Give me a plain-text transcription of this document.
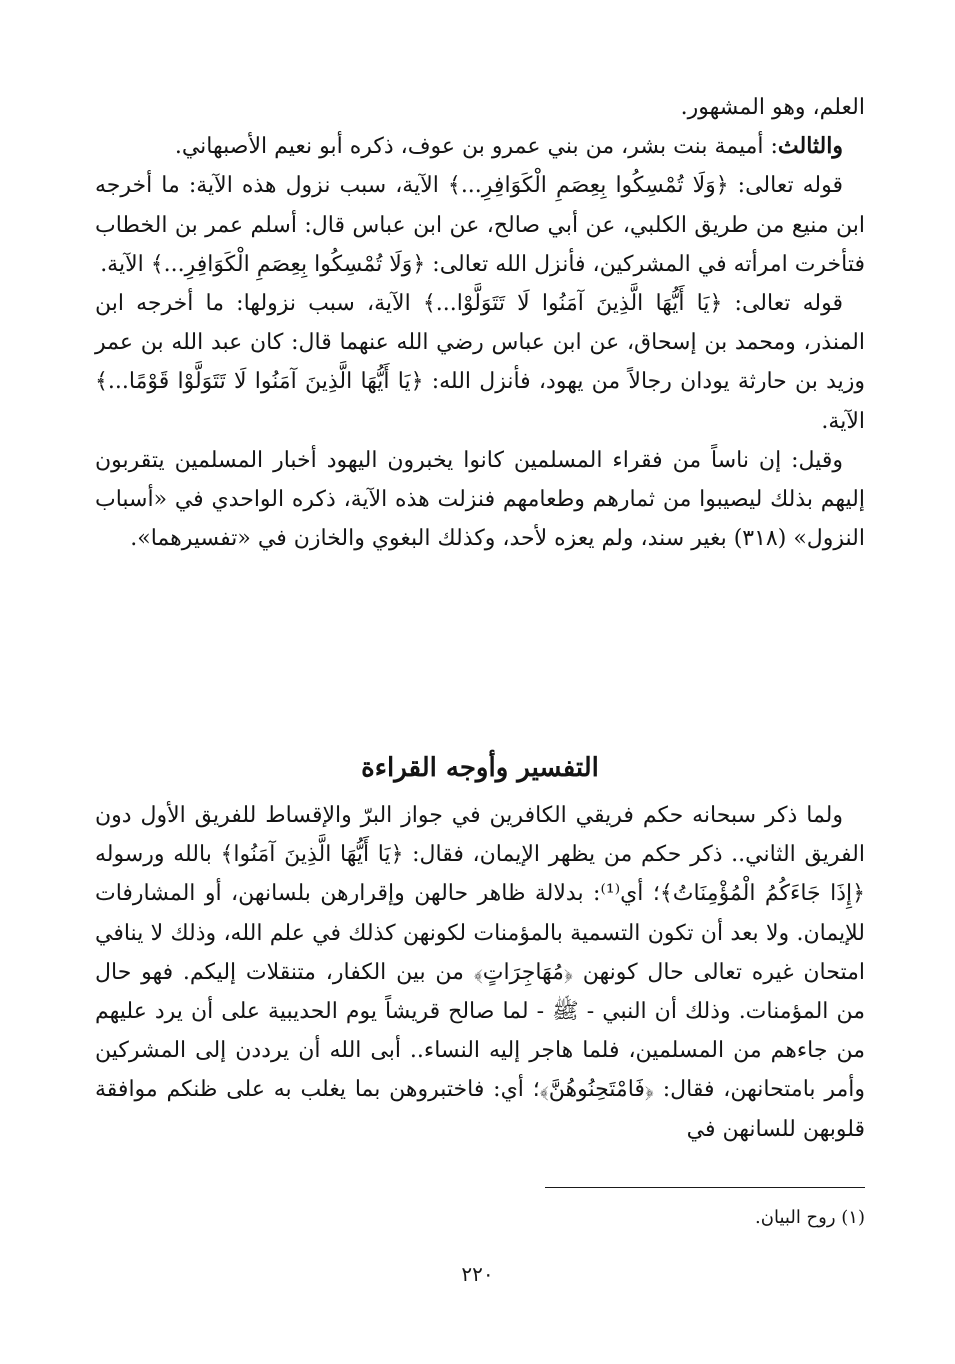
العلم، وهو المشهور.

والثالث: أميمة بنت بشر، من بني عمرو بن عوف، ذكره أبو نعيم الأصبهاني.

قوله تعالى: ﴿وَلَا تُمْسِكُوا بِعِصَمِ الْكَوَافِرِ...﴾ الآية، سبب نزول هذه الآية: ما أخرجه ابن منيع من طريق الكلبي، عن أبي صالح، عن ابن عباس قال: أسلم عمر بن الخطاب فتأخرت امرأته في المشركين، فأنزل الله تعالى: ﴿وَلَا تُمْسِكُوا بِعِصَمِ الْكَوَافِرِ...﴾ الآية.

قوله تعالى: ﴿يَا أَيُّهَا الَّذِينَ آمَنُوا لَا تَتَوَلَّوْا...﴾ الآية، سبب نزولها: ما أخرجه ابن المنذر، ومحمد بن إسحاق، عن ابن عباس رضي الله عنهما قال: كان عبد الله بن عمر وزيد بن حارثة يودان رجالاً من يهود، فأنزل الله: ﴿يَا أَيُّهَا الَّذِينَ آمَنُوا لَا تَتَوَلَّوْا قَوْمًا...﴾ الآية.

وقيل: إن ناساً من فقراء المسلمين كانوا يخبرون اليهود أخبار المسلمين يتقربون إليهم بذلك ليصيبوا من ثمارهم وطعامهم فنزلت هذه الآية، ذكره الواحدي في «أسباب النزول» (٣١٨) بغير سند، ولم يعزه لأحد، وكذلك البغوي والخازن في «تفسيرهما».

التفسير وأوجه القراءة

ولما ذكر سبحانه حكم فريقي الكافرين في جواز البرّ والإقساط للفريق الأول دون الفريق الثاني.. ذكر حكم من يظهر الإيمان، فقال: ﴿يَا أَيُّهَا الَّذِينَ آمَنُوا﴾ بالله ورسوله ﴿إِذَا جَاءَكُمُ الْمُؤْمِنَاتُ﴾؛ أي⁽¹⁾: بدلالة ظاهر حالهن وإقرارهن بلسانهن، أو المشارفات للإيمان. ولا بعد أن تكون التسمية بالمؤمنات لكونهن كذلك في علم الله، وذلك لا ينافي امتحان غيره تعالى حال كونهن ﴿مُهَاجِرَاتٍ﴾ من بين الكفار، متنقلات إليكم. فهو حال من المؤمنات. وذلك أن النبي - ﷺ - لما صالح قريشاً يوم الحديبية على أن يرد عليهم من جاءهم من المسلمين، فلما هاجر إليه النساء.. أبى الله أن يرددن إلى المشركين وأمر بامتحانهن، فقال: ﴿فَامْتَحِنُوهُنَّ﴾؛ أي: فاختبروهن بما يغلب به على ظنكم موافقة قلوبهن للسانهن في

(١) روح البيان.
٢٢٠
